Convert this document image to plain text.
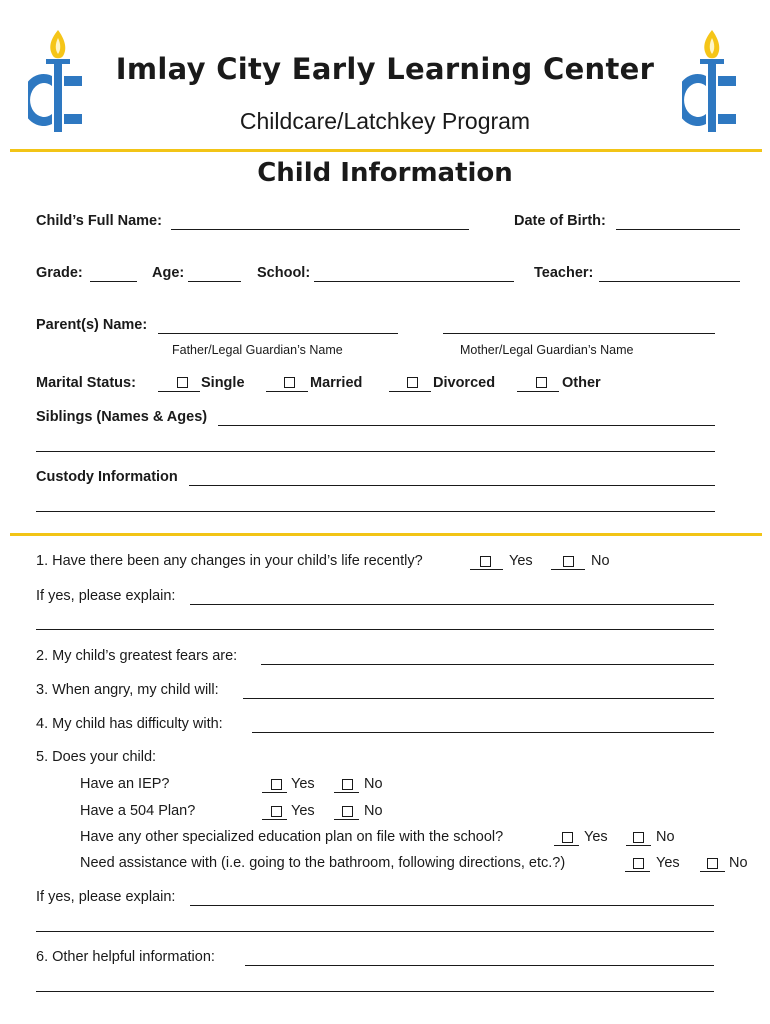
Imlay City Early Learning Center
Childcare/Latchkey Program
Child Information
Child’s Full Name:	Date of Birth:
Grade:	Age:	School:	Teacher:
Parent(s) Name:
Father/Legal Guardian’s Name	Mother/Legal Guardian’s Name
Marital Status:	Single	Married	Divorced	Other
Siblings (Names & Ages)
Custody Information
1. Have there been any changes in your child’s life recently?	Yes	No
If yes, please explain:
2. My child’s greatest fears are:
3. When angry, my child will:
4. My child has difficulty with:
5. Does your child:
Have an IEP?	Yes	No
Have a 504 Plan?	Yes	No
Have any other specialized education plan on file with the school?	Yes	No
Need assistance with (i.e. going to the bathroom, following directions, etc.?)	Yes	No
If yes, please explain:
6. Other helpful information:
